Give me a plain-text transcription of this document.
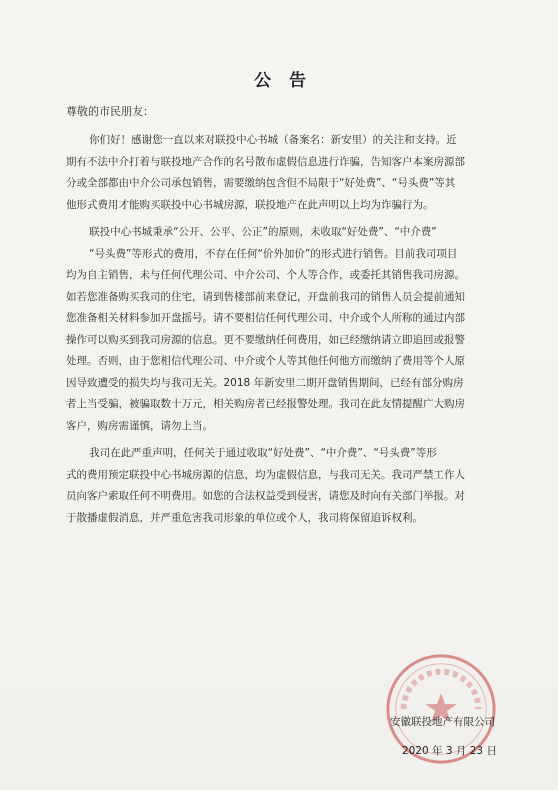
公 告
尊敬的市民朋友：
你们好！感谢您一直以来对联投中心书城（备案名：新安里）的关注和支持。近
期有不法中介打着与联投地产合作的名号散布虚假信息进行诈骗，告知客户本案房源部
分或全部都由中介公司承包销售，需要缴纳包含但不局限于“好处费”、“号头费”等其
他形式费用才能购买联投中心书城房源，联投地产在此声明以上均为诈骗行为。
联投中心书城秉承“公开、公平、公正”的原则，未收取“好处费”、“中介费”
“号头费”等形式的费用，不存在任何“价外加价”的形式进行销售。目前我司项目
均为自主销售，未与任何代理公司、中介公司、个人等合作，或委托其销售我司房源。
如若您准备购买我司的住宅，请到售楼部前来登记，开盘前我司的销售人员会提前通知
您准备相关材料参加开盘摇号。请不要相信任何代理公司、中介或个人所称的通过内部
操作可以购买到我司房源的信息。更不要缴纳任何费用，如已经缴纳请立即追回或报警
处理。否则，由于您相信代理公司、中介或个人等其他任何他方而缴纳了费用等个人原
因导致遭受的损失均与我司无关。2018 年新安里二期开盘销售期间，已经有部分购房
者上当受骗，被骗取数十万元，相关购房者已经报警处理。我司在此友情提醒广大购房
客户，购房需谨慎，请勿上当。
我司在此严重声明，任何关于通过收取“好处费”、“中介费”、“号头费”等形
式的费用预定联投中心书城房源的信息，均为虚假信息，与我司无关。我司严禁工作人
员向客户索取任何不明费用。如您的合法权益受到侵害，请您及时向有关部门举报。对
于散播虚假消息，并严重危害我司形象的单位或个人，我司将保留追诉权利。
安徽联投地产有限公司
2020 年 3 月 23 日
